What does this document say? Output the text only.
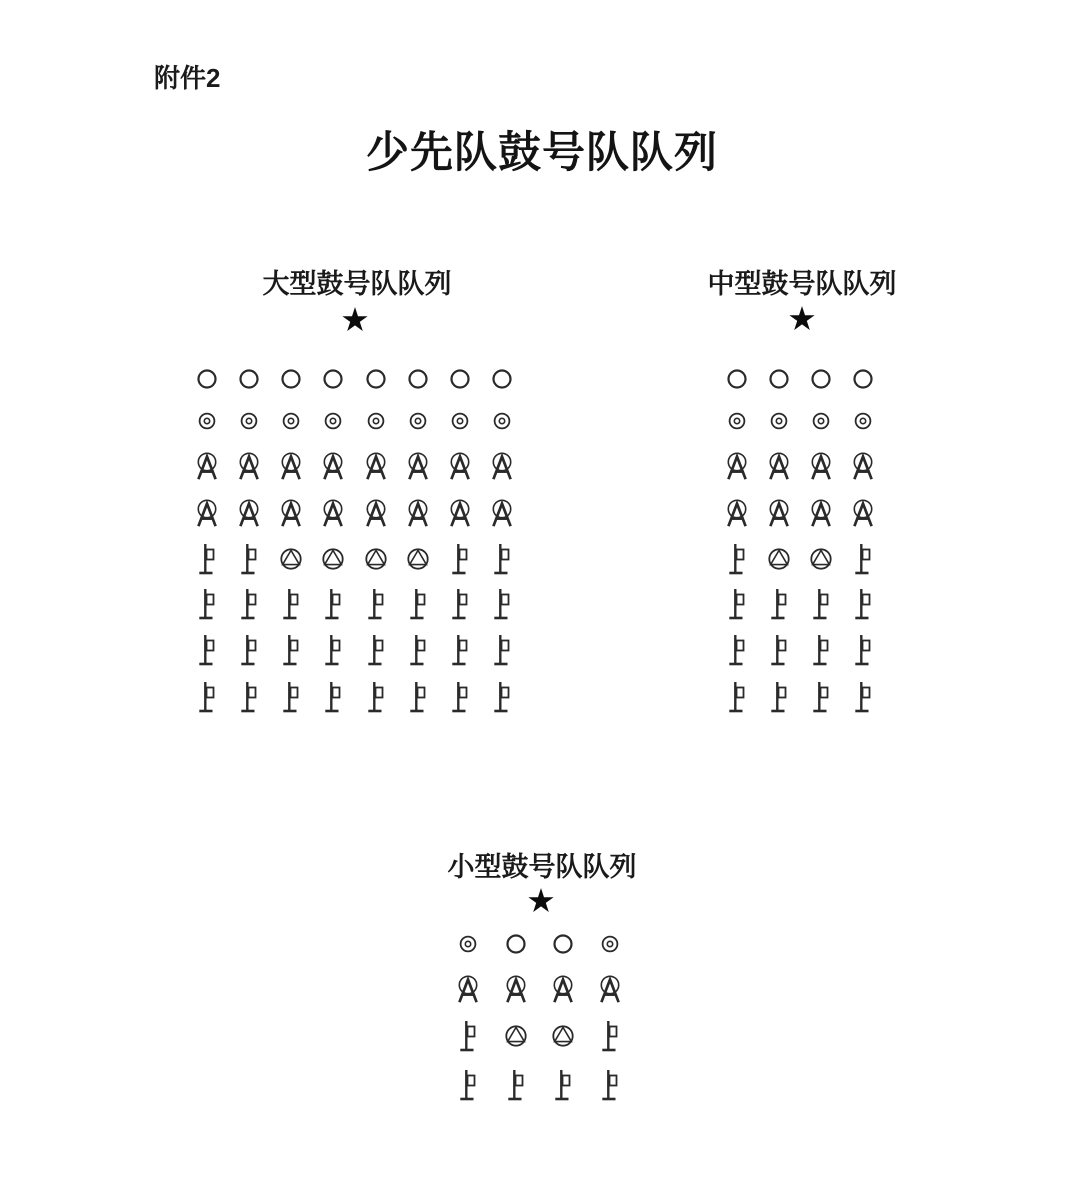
附件2
少先队鼓号队队列
大型鼓号队队列
★
中型鼓号队队列
★
小型鼓号队队列
★
